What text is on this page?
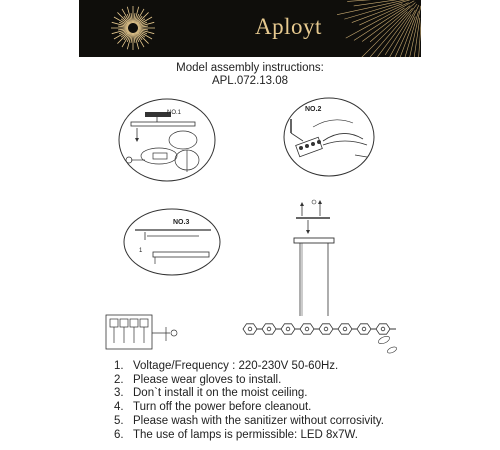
Aployt
Model assembly instructions:
APL.072.13.08
NO.1	NO.2
NO.3
1
1. Voltage/Frequency : 220-230V 50-60Hz.
2. Please wear gloves to install.
3. Don`t install it on the moist ceiling.
4. Turn off the power before cleanout.
5. Please wash with the sanitizer without corrosivity.
6. The use of lamps is permissible: LED 8x7W.
